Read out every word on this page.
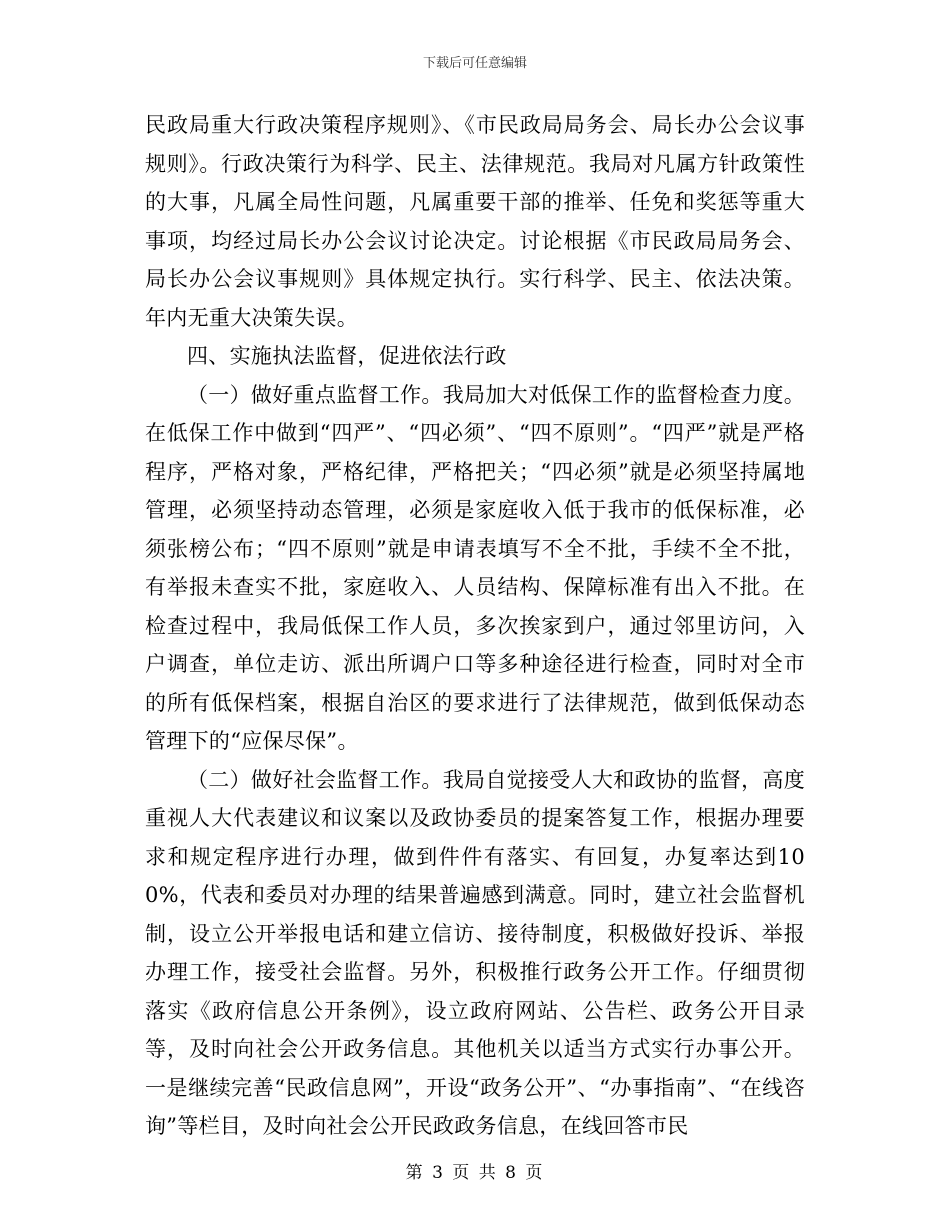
下载后可任意编辑

民政局重大行政决策程序规则》、《市民政局局务会、局长办公会议事规则》。行政决策行为科学、民主、法律规范。我局对凡属方针政策性的大事，凡属全局性问题，凡属重要干部的推举、任免和奖惩等重大事项，均经过局长办公会议讨论决定。讨论根据《市民政局局务会、局长办公会议事规则》具体规定执行。实行科学、民主、依法决策。年内无重大决策失误。

四、实施执法监督，促进依法行政

（一）做好重点监督工作。我局加大对低保工作的监督检查力度。在低保工作中做到“四严”、“四必须”、“四不原则”。“四严”就是严格程序，严格对象，严格纪律，严格把关；“四必须”就是必须坚持属地管理，必须坚持动态管理，必须是家庭收入低于我市的低保标准，必须张榜公布；“四不原则”就是申请表填写不全不批，手续不全不批，有举报未查实不批，家庭收入、人员结构、保障标准有出入不批。在检查过程中，我局低保工作人员，多次挨家到户，通过邻里访问，入户调查，单位走访、派出所调户口等多种途径进行检查，同时对全市的所有低保档案，根据自治区的要求进行了法律规范，做到低保动态管理下的“应保尽保”。

（二）做好社会监督工作。我局自觉接受人大和政协的监督，高度重视人大代表建议和议案以及政协委员的提案答复工作，根据办理要求和规定程序进行办理，做到件件有落实、有回复，办复率达到100%，代表和委员对办理的结果普遍感到满意。同时，建立社会监督机制，设立公开举报电话和建立信访、接待制度，积极做好投诉、举报办理工作，接受社会监督。另外，积极推行政务公开工作。仔细贯彻落实《政府信息公开条例》，设立政府网站、公告栏、政务公开目录等，及时向社会公开政务信息。其他机关以适当方式实行办事公开。一是继续完善“民政信息网”，开设“政务公开”、“办事指南”、“在线咨询”等栏目，及时向社会公开民政政务信息，在线回答市民

第 3 页 共 8 页
